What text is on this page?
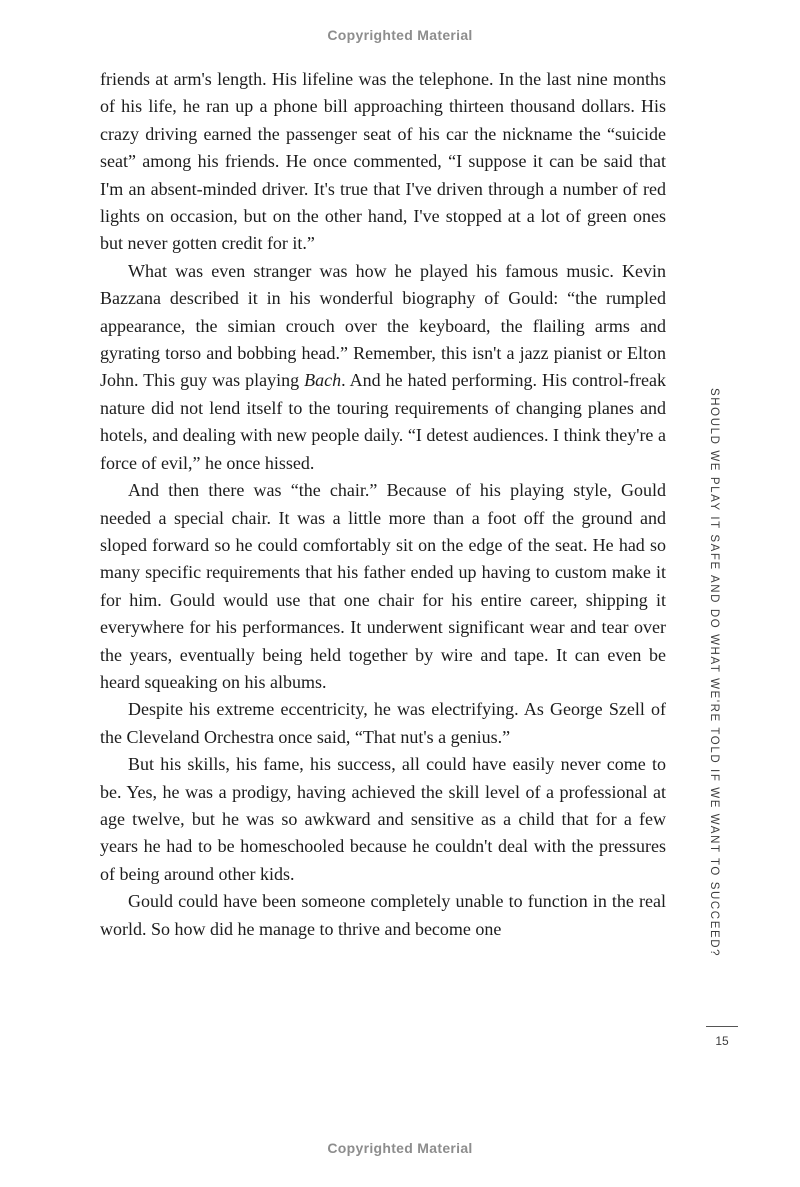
Copyrighted Material

friends at arm's length. His lifeline was the telephone. In the last nine months of his life, he ran up a phone bill approaching thirteen thousand dollars. His crazy driving earned the passenger seat of his car the nickname the “suicide seat” among his friends. He once commented, “I suppose it can be said that I'm an absent-minded driver. It's true that I've driven through a number of red lights on occasion, but on the other hand, I've stopped at a lot of green ones but never gotten credit for it.”

What was even stranger was how he played his famous music. Kevin Bazzana described it in his wonderful biography of Gould: “the rumpled appearance, the simian crouch over the keyboard, the flailing arms and gyrating torso and bobbing head.” Remember, this isn't a jazz pianist or Elton John. This guy was playing Bach. And he hated performing. His control-freak nature did not lend itself to the touring requirements of changing planes and hotels, and dealing with new people daily. “I detest audiences. I think they're a force of evil,” he once hissed.

And then there was “the chair.” Because of his playing style, Gould needed a special chair. It was a little more than a foot off the ground and sloped forward so he could comfortably sit on the edge of the seat. He had so many specific requirements that his father ended up having to custom make it for him. Gould would use that one chair for his entire career, shipping it everywhere for his performances. It underwent significant wear and tear over the years, eventually being held together by wire and tape. It can even be heard squeaking on his albums.

Despite his extreme eccentricity, he was electrifying. As George Szell of the Cleveland Orchestra once said, “That nut's a genius.”

But his skills, his fame, his success, all could have easily never come to be. Yes, he was a prodigy, having achieved the skill level of a professional at age twelve, but he was so awkward and sensitive as a child that for a few years he had to be homeschooled because he couldn't deal with the pressures of being around other kids.

Gould could have been someone completely unable to function in the real world. So how did he manage to thrive and become one	SHOULD WE PLAY IT SAFE AND DO WHAT WE'RE TOLD IF WE WANT TO SUCCEED?
15
Copyrighted Material
